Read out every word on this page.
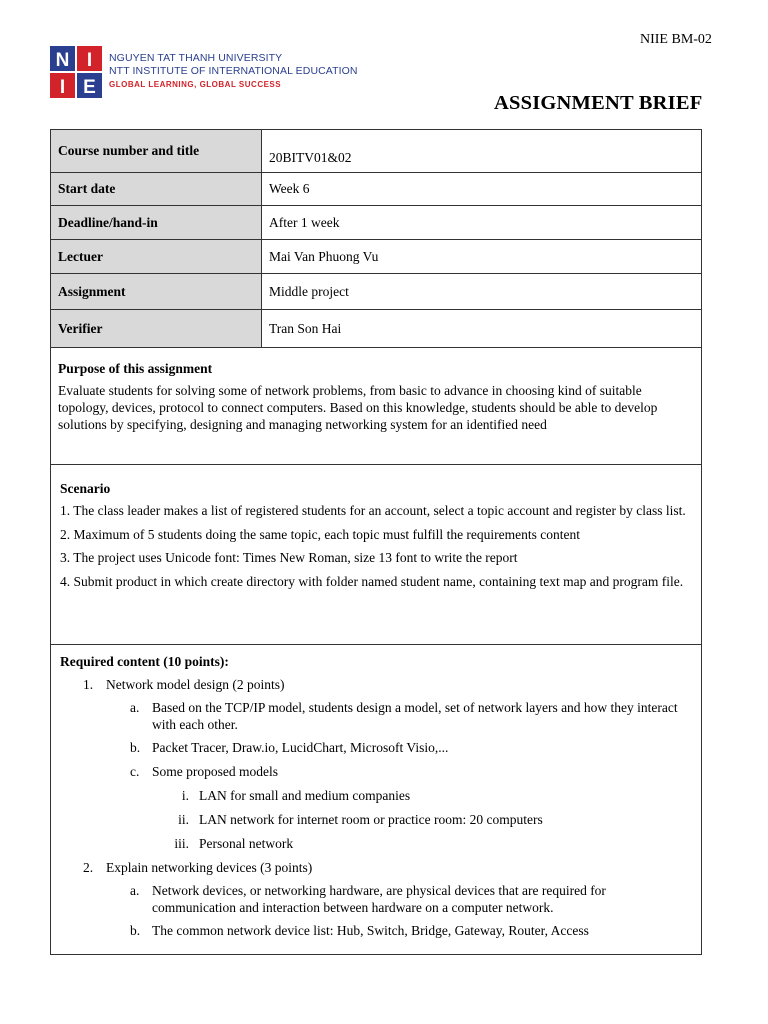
NIIE BM-02
N I
I E
NGUYEN TAT THANH UNIVERSITY
NTT INSTITUTE OF INTERNATIONAL EDUCATION
GLOBAL LEARNING, GLOBAL SUCCESS
ASSIGNMENT BRIEF
Course number and title	20BITV01&02
Start date	Week 6
Deadline/hand-in	After 1 week
Lectuer	Mai Van Phuong Vu
Assignment	Middle project
Verifier	Tran Son Hai
Purpose of this assignment
Evaluate students for solving some of network problems, from basic to advance in choosing kind of suitable topology, devices, protocol to connect computers. Based on this knowledge, students should be able to develop solutions by specifying, designing and managing networking system for an identified need
Scenario
1. The class leader makes a list of registered students for an account, select a topic account and register by class list.
2. Maximum of 5 students doing the same topic, each topic must fulfill the requirements content
3. The project uses Unicode font: Times New Roman, size 13 font to write the report
4. Submit product in which create directory with folder named student name, containing text map and program file.
Required content (10 points):
1. Network model design (2 points)
a. Based on the TCP/IP model, students design a model, set of network layers and how they interact with each other.
b. Packet Tracer, Draw.io, LucidChart, Microsoft Visio,...
c. Some proposed models
i. LAN for small and medium companies
ii. LAN network for internet room or practice room: 20 computers
iii. Personal network
2. Explain networking devices (3 points)
a. Network devices, or networking hardware, are physical devices that are required for communication and interaction between hardware on a computer network.
b. The common network device list: Hub, Switch, Bridge, Gateway, Router, Access
